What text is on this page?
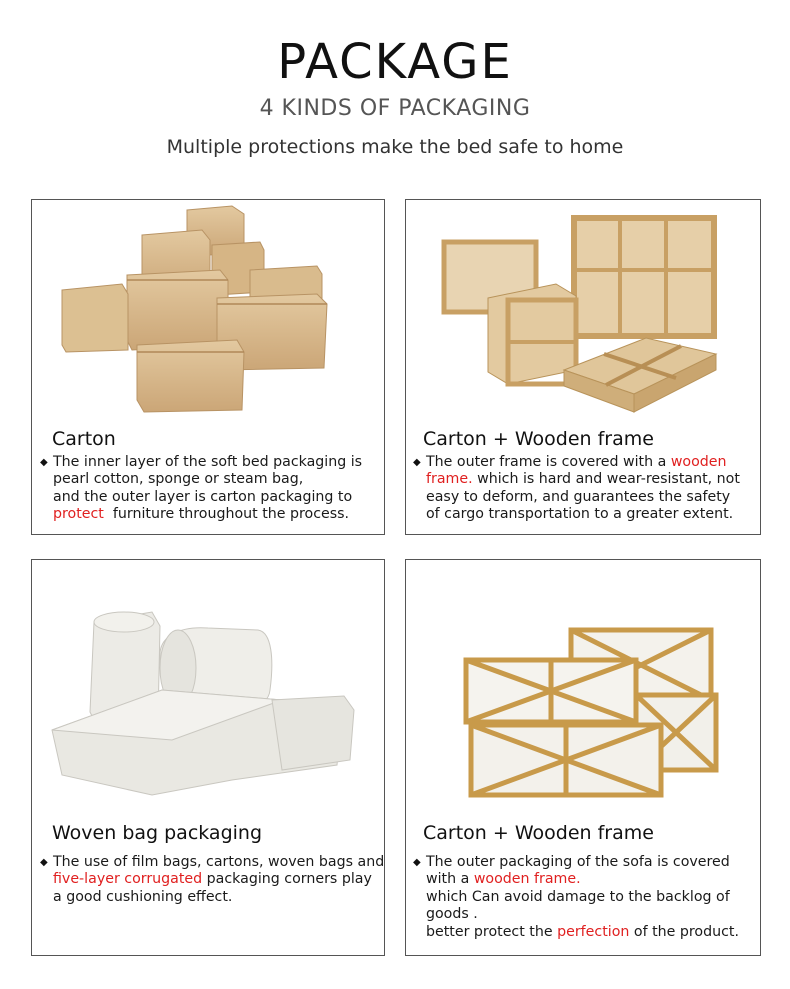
PACKAGE
4 KINDS OF PACKAGING
Multiple protections make the bed safe to home
Carton
◆ The inner layer of the soft bed packaging is
pearl cotton, sponge or steam bag,
and the outer layer is carton packaging to
protect  furniture throughout the process.
Carton + Wooden frame
◆ The outer frame is covered with a wooden
frame. which is hard and wear-resistant, not
easy to deform, and guarantees the safety
of cargo transportation to a greater extent.
Woven bag packaging
◆ The use of film bags, cartons, woven bags and
five-layer corrugated packaging corners play
a good cushioning effect.
Carton + Wooden frame
◆ The outer packaging of the sofa is covered
with a wooden frame.
which Can avoid damage to the backlog of
goods .
better protect the perfection of the product.
